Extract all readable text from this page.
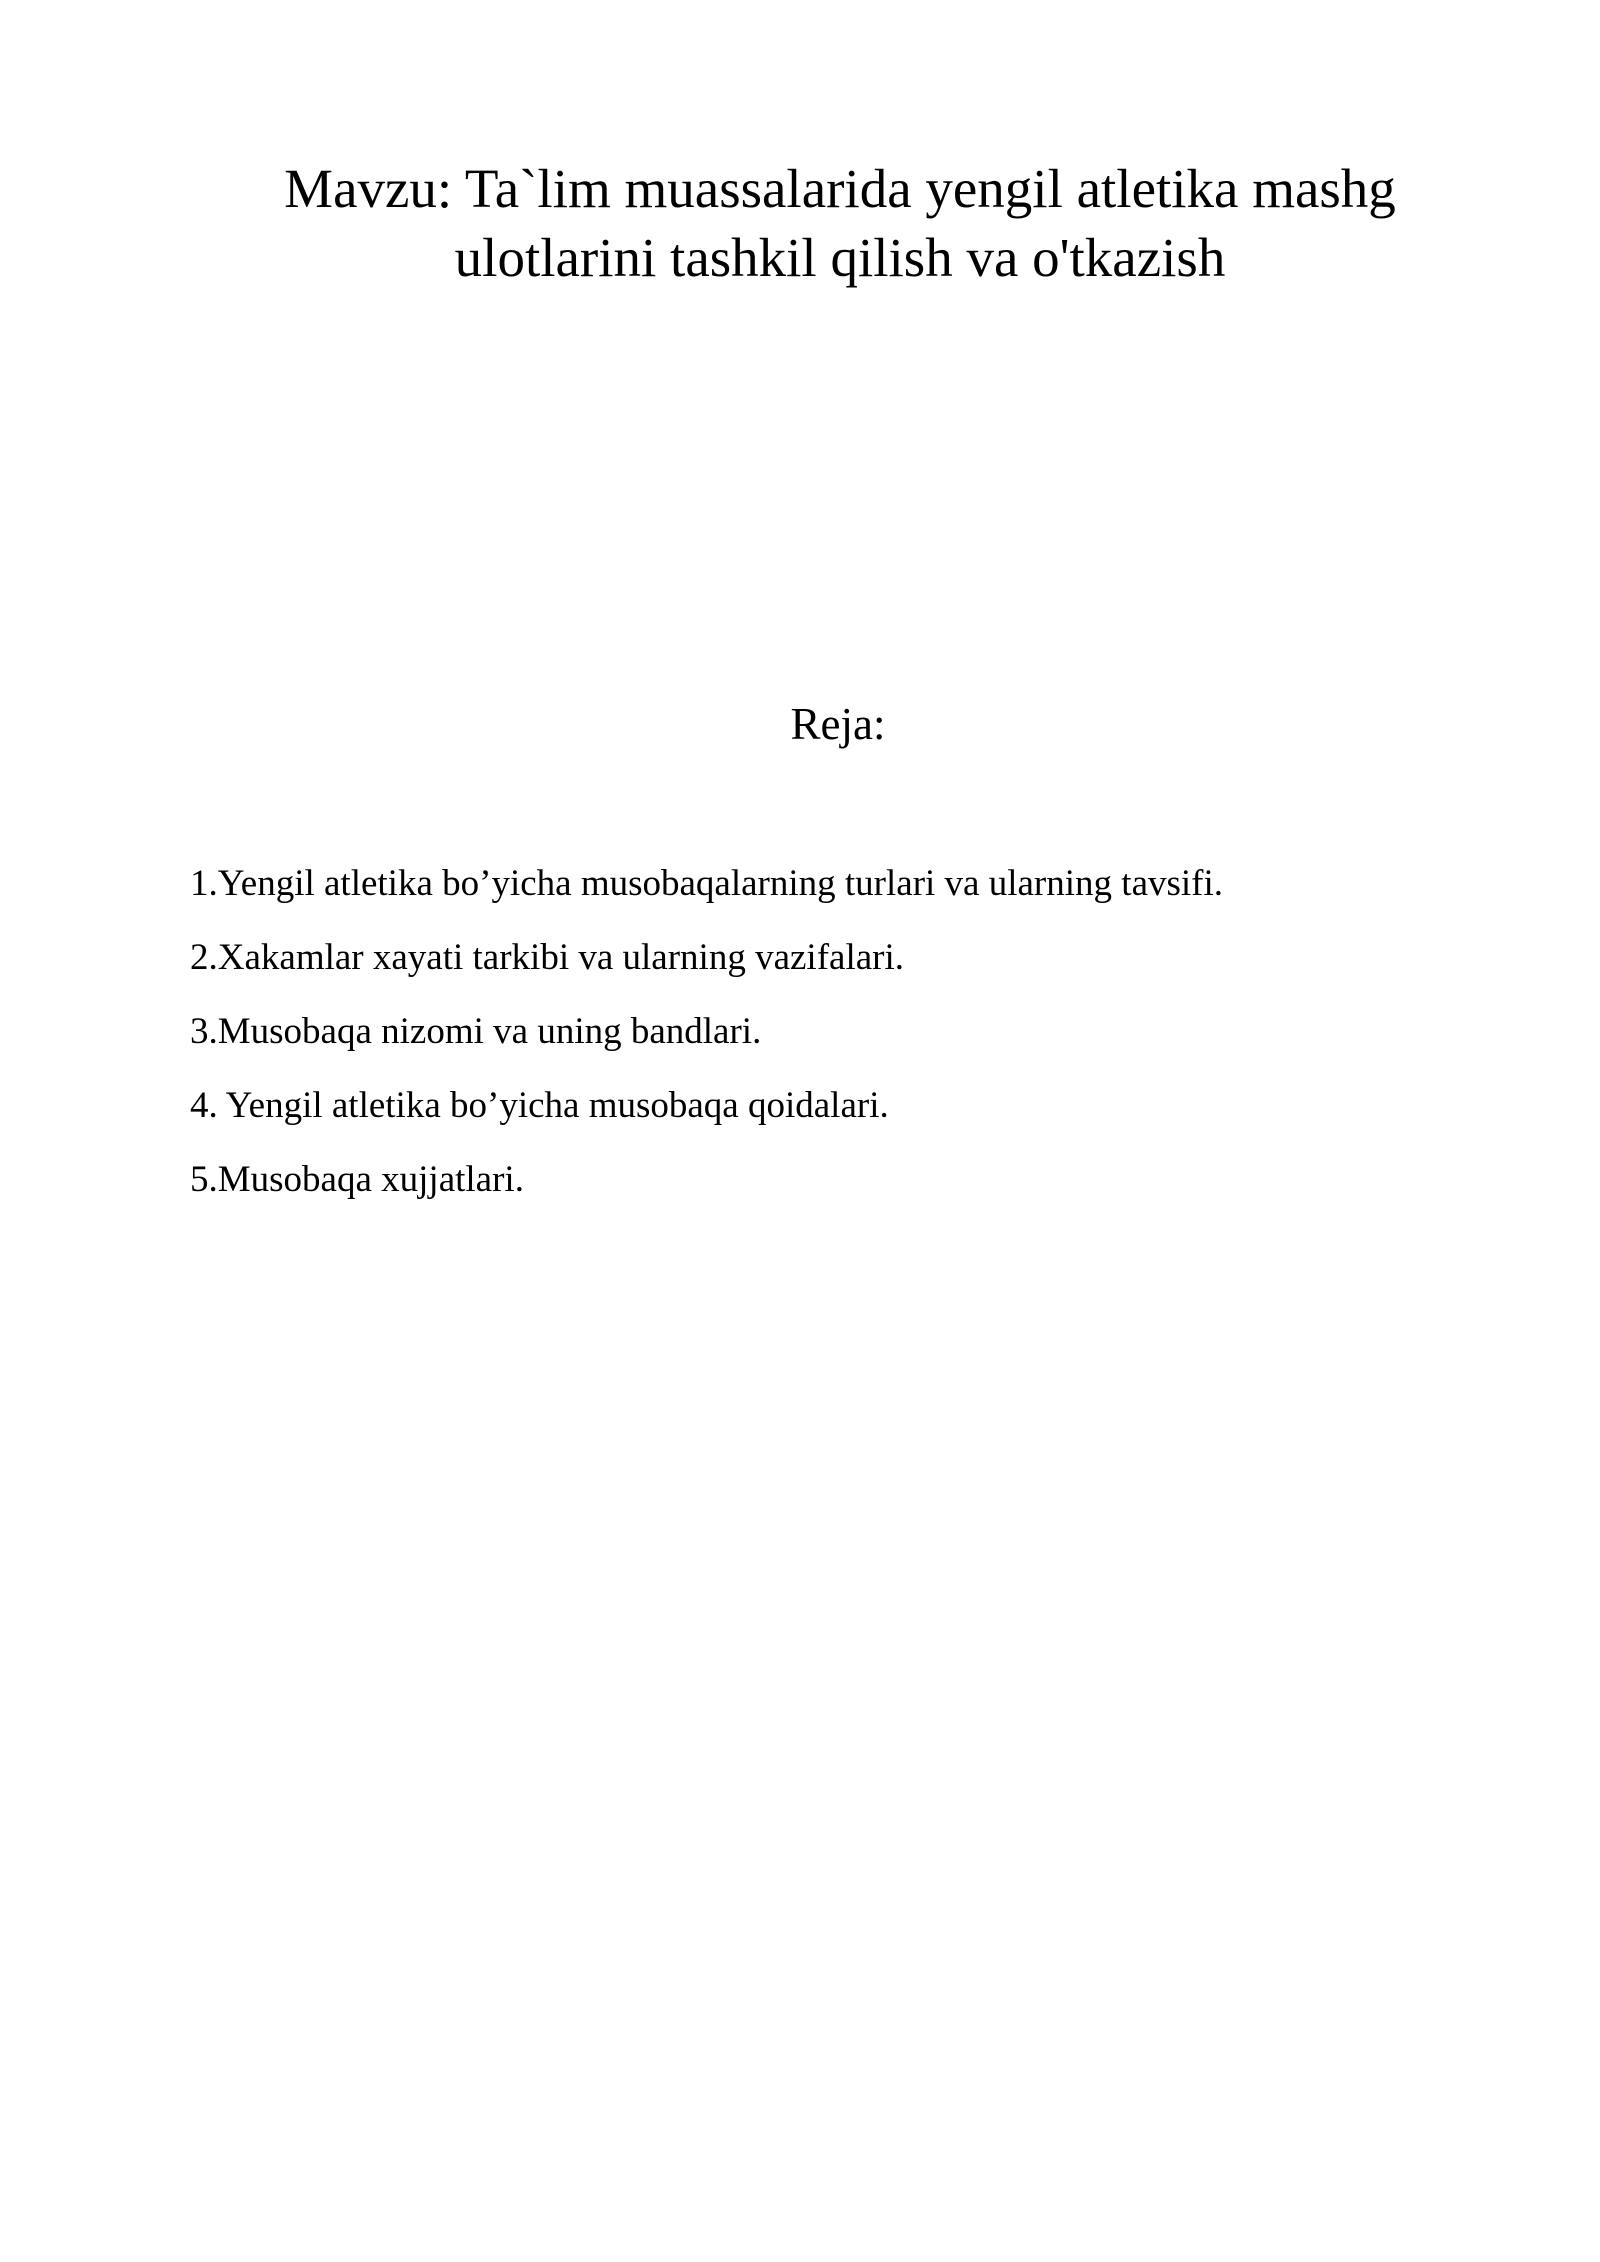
Mavzu: Ta`lim muassalarida yengil atletika mashg
ulotlarini tashkil qilish va o'tkazish
Reja:
1.Yengil atletika bo’yicha musobaqalarning turlari va ularning tavsifi.
2.Xakamlar xayati tarkibi va ularning vazifalari.
3.Musobaqa nizomi va uning bandlari.
4. Yengil atletika bo’yicha musobaqa qoidalari.
5.Musobaqa xujjatlari.
